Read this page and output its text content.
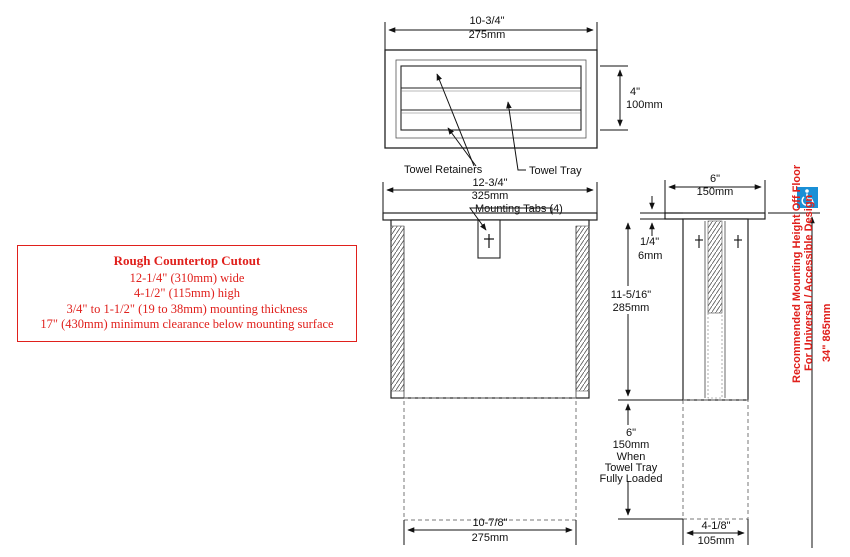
10-3/4"
275mm
4"
100mm
Towel Retainers	Towel Tray
12-3/4"
325mm
Mounting Tabs (4)
10-7/8"
275mm
6"
150mm
1/4"
6mm
11-5/16"
285mm
6"
150mm
When
Towel Tray
Fully Loaded
4-1/8"
105mm
Recommended Mounting Height Off Floor For Universal / Accessible Design 34" 865mm
Rough Countertop Cutout
12-1/4" (310mm) wide
4-1/2" (115mm) high
3/4" to 1-1/2" (19 to 38mm) mounting thickness
17" (430mm) minimum clearance below mounting surface
